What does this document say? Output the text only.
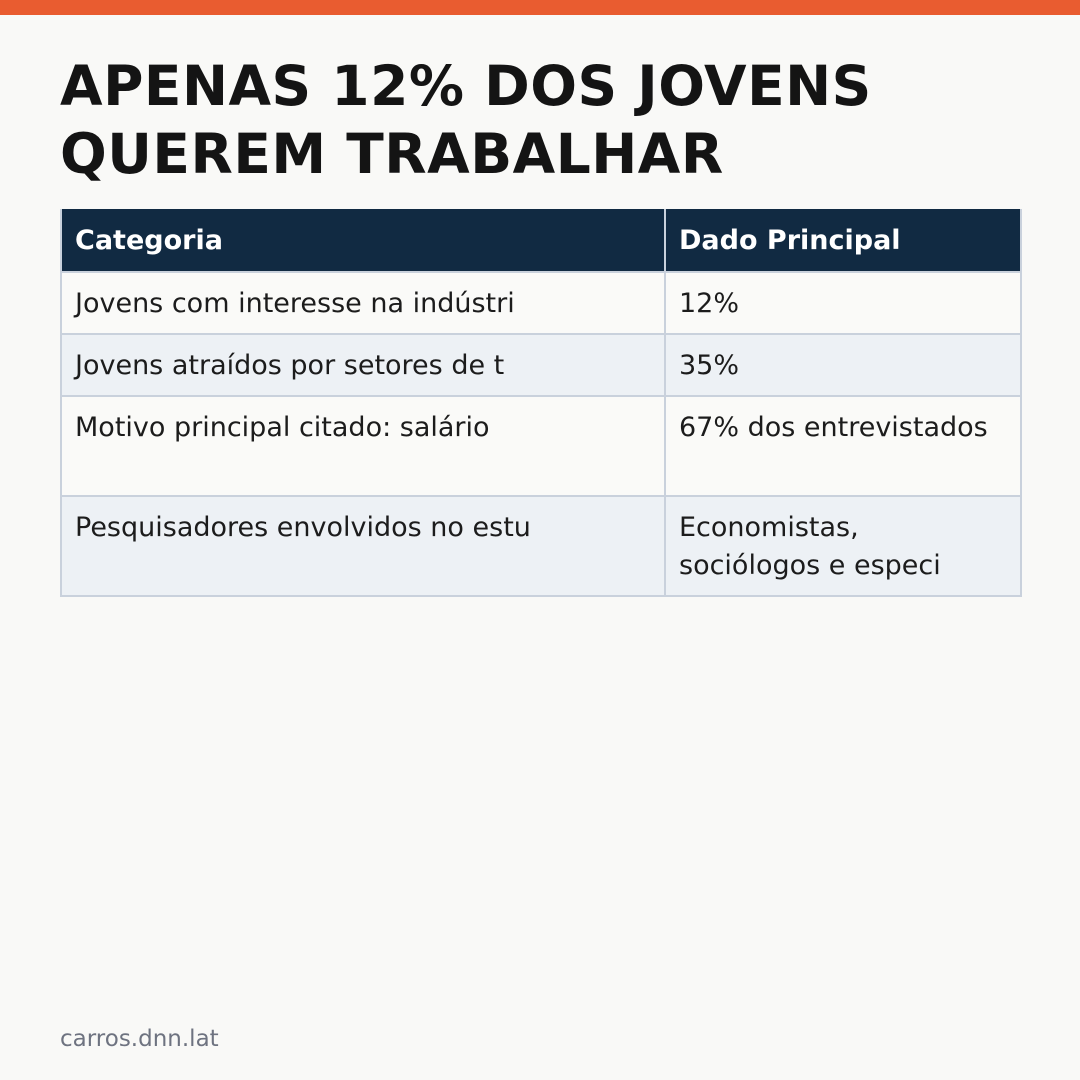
APENAS 12% DOS JOVENS
QUEREM TRABALHAR
Categoria	Dado Principal
Jovens com interesse na indústri	12%
Jovens atraídos por setores de t	35%
Motivo principal citado: salário	67% dos entrevistados
Pesquisadores envolvidos no estu	Economistas, sociólogos e especi
carros.dnn.lat
